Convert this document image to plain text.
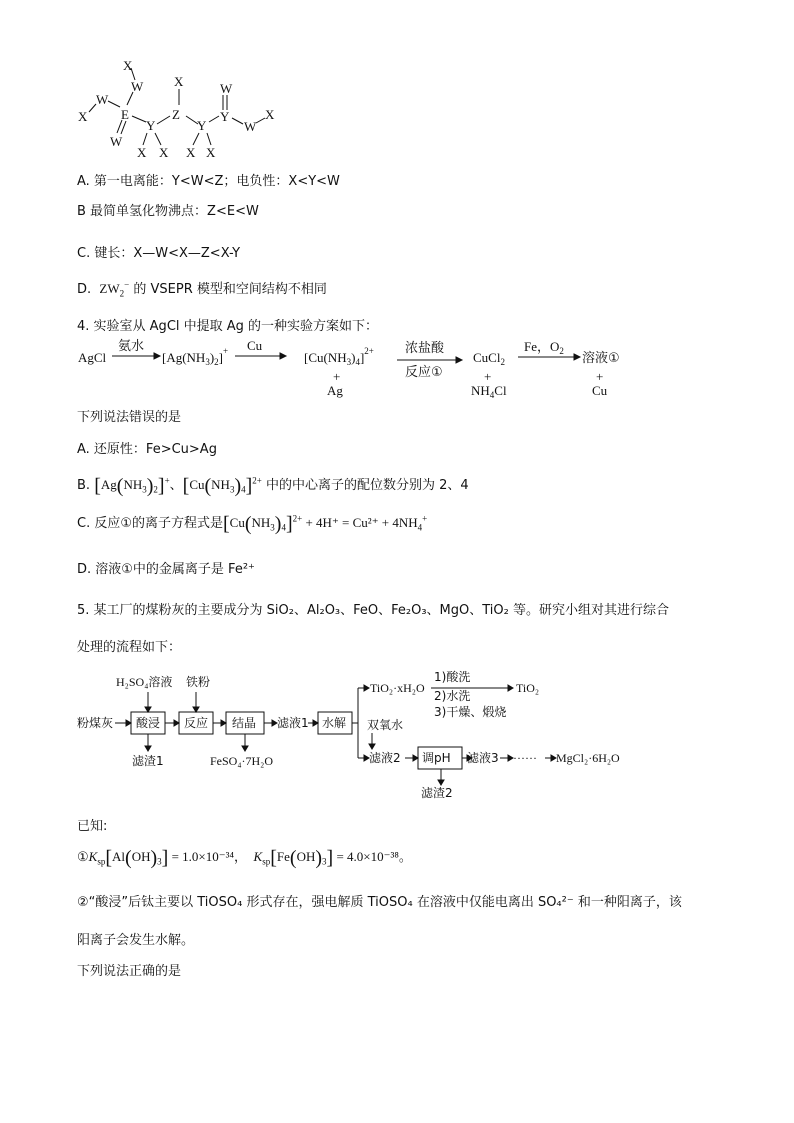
X
W
W
X	E
W
Y
X X
X
Z
Y
X X
W
Y
W
X
A. 第一电离能：Y<W<Z；电负性：X<Y<W
B 最简单氢化物沸点：Z<E<W
C. 键长：X—W<X—Z<X-Y
D. $ZW_2^-$ 的 VSEPR 模型和空间结构不相同
4. 实验室从 AgCl 中提取 Ag 的一种实验方案如下：
AgCl
氨水
$[Ag(NH_3)_2]^+$ Cu
$[Cu(NH_3)_4]^{2+}$
+
Ag
浓盐酸
反应①
CuCl$_2$
+
$NH_4Cl$
Fe，$O_2$ 溶液①
+
Cu
下列说法错误的是
A. 还原性：Fe>Cu>Ag
B. $[Ag(NH_3)_2]^+$、$[Cu(NH_3)_4]^{2+}$ 中的中心离子的配位数分别为 2、4
C. 反应①的离子方程式是$[Cu(NH_3)_4]^{2+} + 4H^+ = Cu^{2+} + 4NH_4^+$
D. 溶液①中的金属离子是 Fe²⁺
5. 某工厂的煤粉灰的主要成分为 SiO₂、Al₂O₃、FeO、Fe₂O₃、MgO、TiO₂ 等。研究小组对其进行综合
处理的流程如下：
粉煤灰
H₂SO₄溶液 铁粉
酸浸 反应 结晶 滤液1 水解
滤渣1	FeSO₄·7H₂O
TiO₂·xH₂O
1)酸洗
2)水洗
3)干燥、煅烧
TiO₂
双氧水
滤液2 调pH 滤液3 ······ MgCl₂·6H₂O
滤渣2
已知:
$①K_{sp}[Al(OH)_3] = 1.0\times 10^{-34}$， $K_{sp}[Fe(OH)_3] = 4.0\times 10^{-38}$。
②“酸浸”后钛主要以 TiOSO₄ 形式存在，强电解质 TiOSO₄ 在溶液中仅能电离出 SO₄²⁻ 和一种阳离子，该
阳离子会发生水解。
下列说法正确的是
